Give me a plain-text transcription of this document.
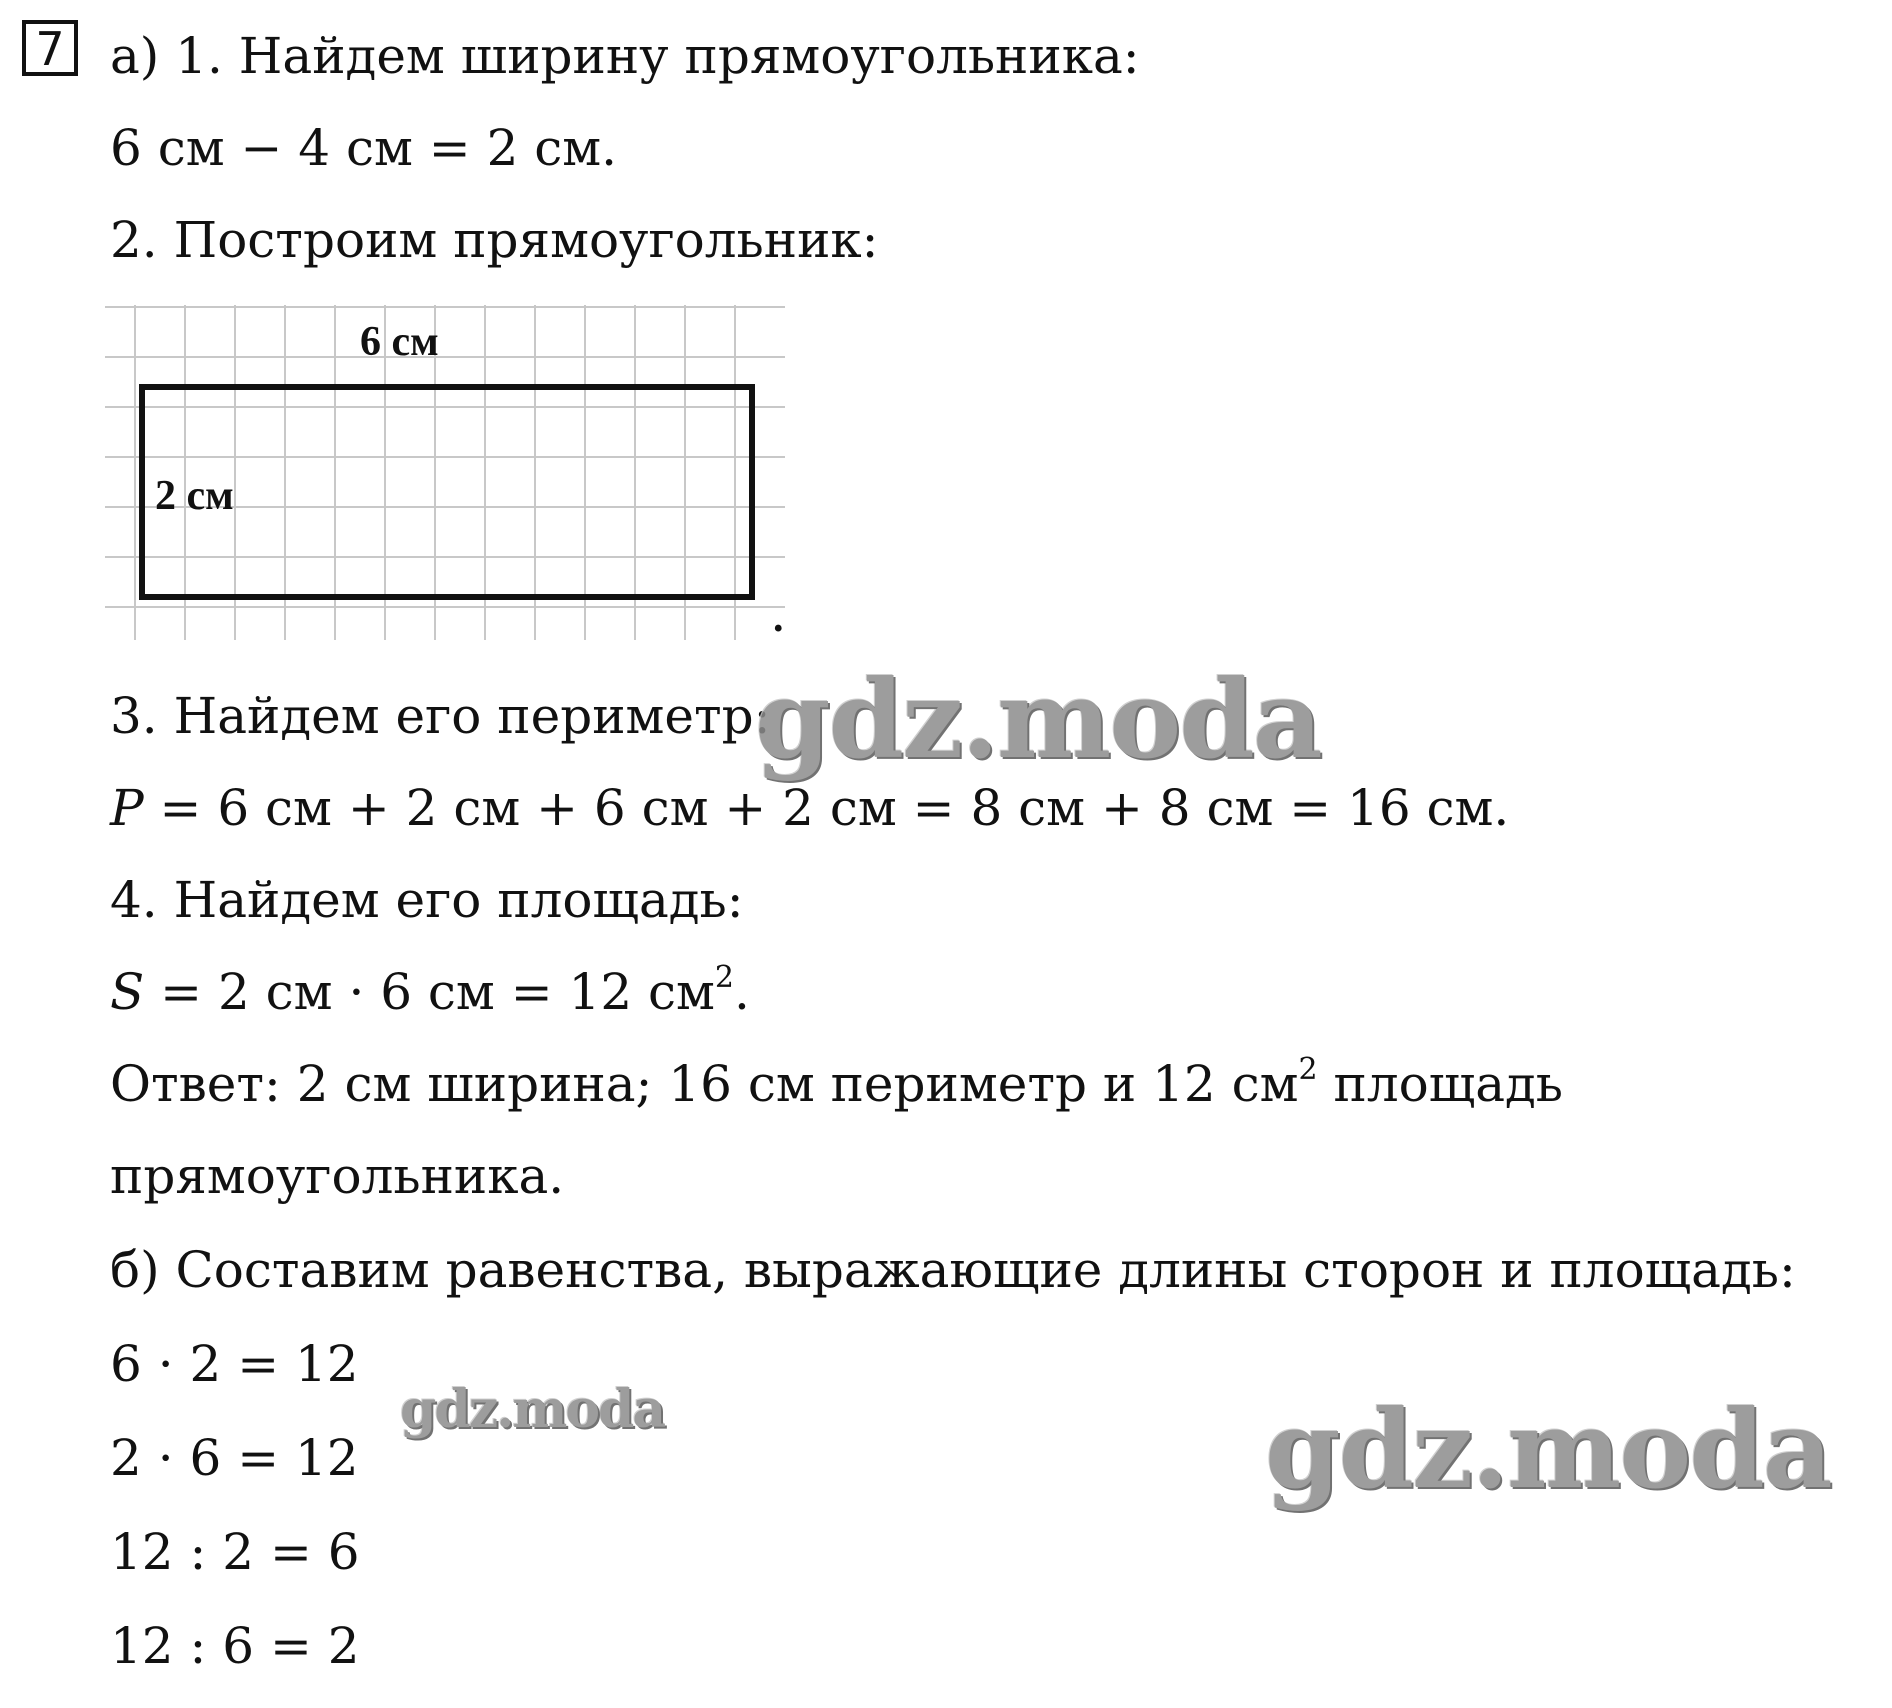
7 а) 1. Найдем ширину прямоугольника:
6 см − 4 см = 2 см.
2. Построим прямоугольник:
6 см
2 см
.
3. Найдем его периметр:
P = 6 см + 2 см + 6 см + 2 см = 8 см + 8 см = 16 см.
4. Найдем его площадь:
S = 2 см · 6 см = 12 $см^2$.
Ответ: 2 см ширина; 16 см периметр и 12 $см^2$ площадь
прямоугольника.
б) Составим равенства, выражающие длины сторон и площадь:
6 · 2 = 12
2 · 6 = 12
12 : 2 = 6
12 : 6 = 2
gdz.moda
gdz.moda	gdz.moda
